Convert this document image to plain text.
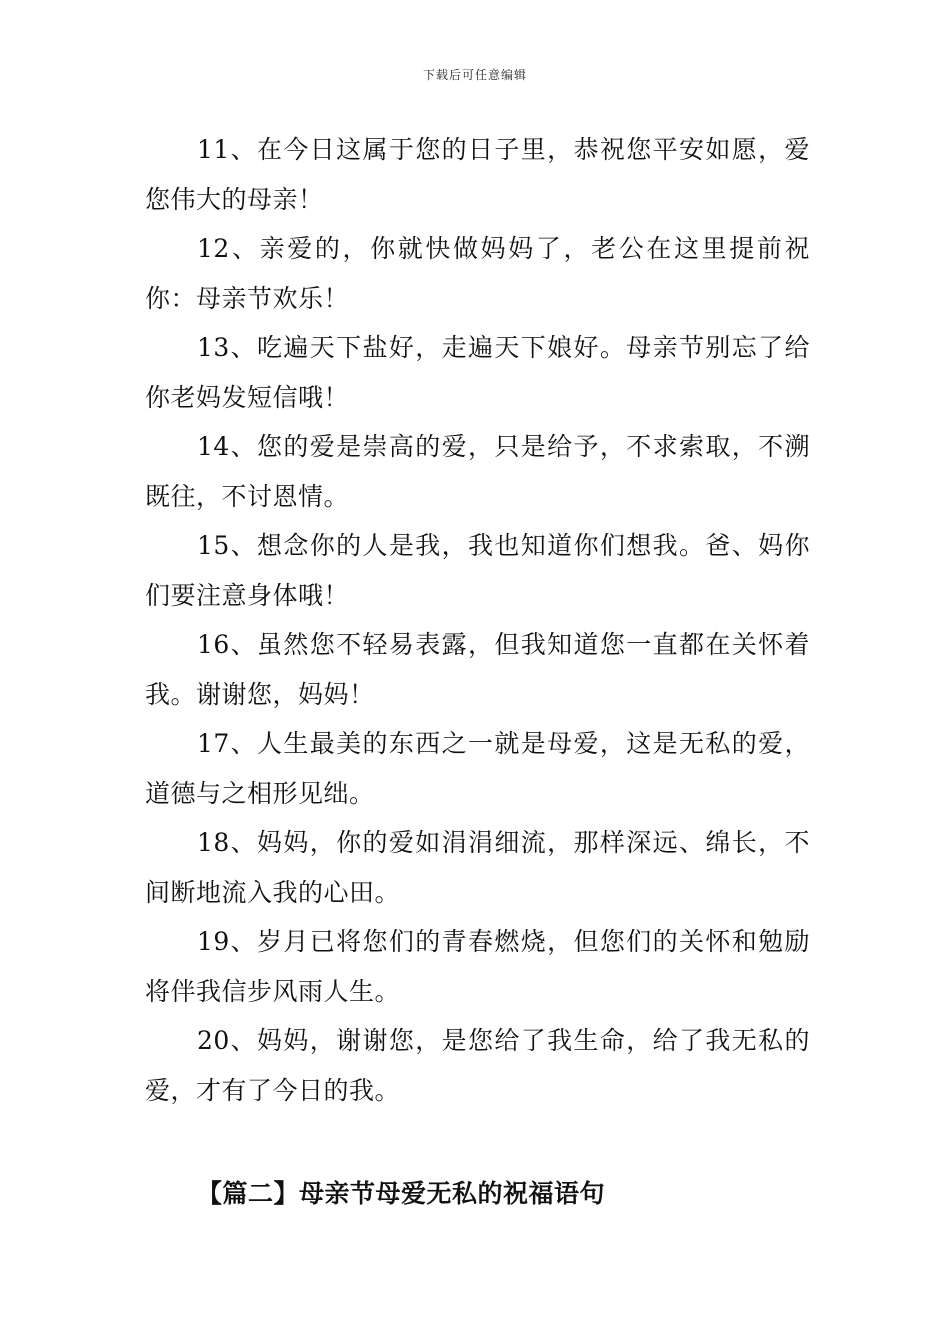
下载后可任意编辑

11、在今日这属于您的日子里，恭祝您平安如愿，爱您伟大的母亲！

12、亲爱的，你就快做妈妈了，老公在这里提前祝你：母亲节欢乐！

13、吃遍天下盐好，走遍天下娘好。母亲节别忘了给你老妈发短信哦！

14、您的爱是崇高的爱，只是给予，不求索取，不溯既往，不讨恩情。

15、想念你的人是我，我也知道你们想我。爸、妈你们要注意身体哦！

16、虽然您不轻易表露，但我知道您一直都在关怀着我。谢谢您，妈妈！

17、人生最美的东西之一就是母爱，这是无私的爱，道德与之相形见绌。

18、妈妈，你的爱如涓涓细流，那样深远、绵长，不间断地流入我的心田。

19、岁月已将您们的青春燃烧，但您们的关怀和勉励将伴我信步风雨人生。

20、妈妈，谢谢您，是您给了我生命，给了我无私的爱，才有了今日的我。

【篇二】母亲节母爱无私的祝福语句
